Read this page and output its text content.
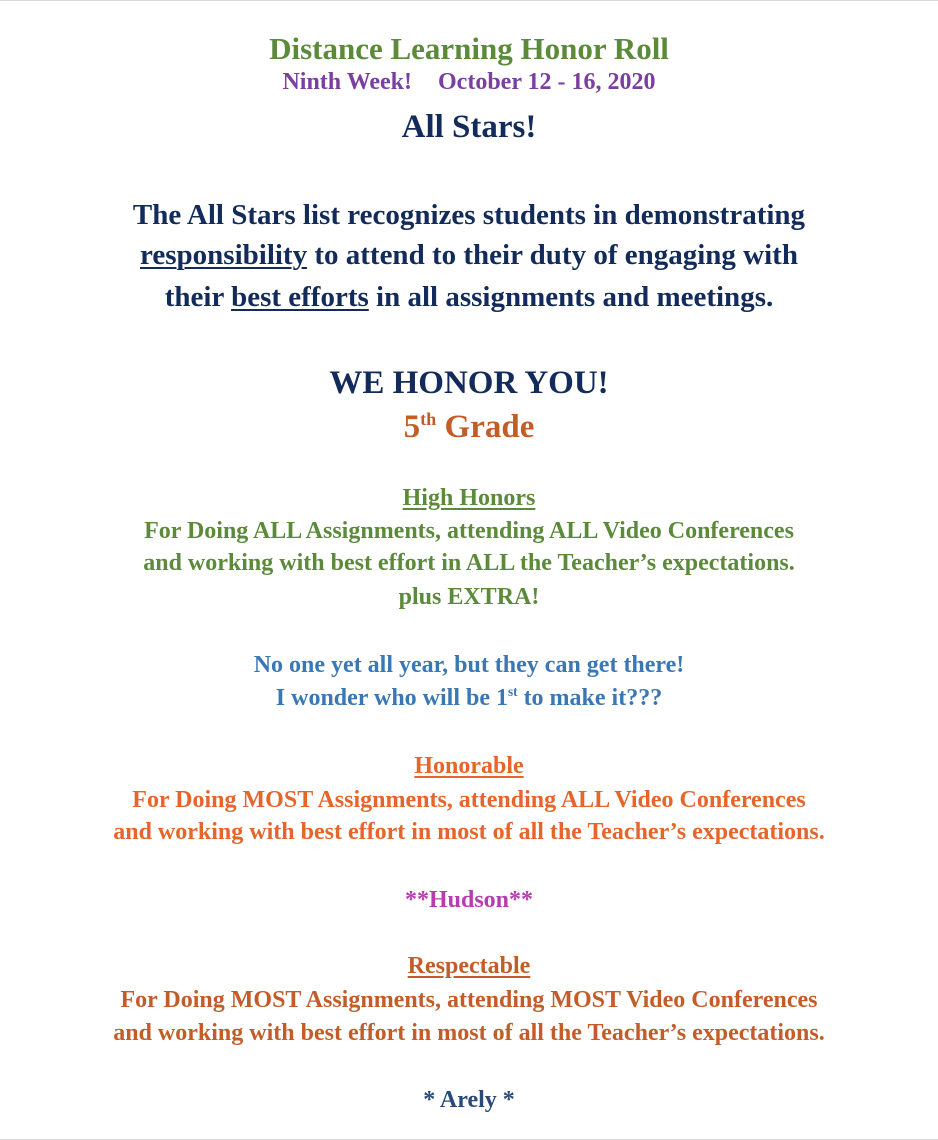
Distance Learning Honor Roll

Ninth Week! October 12 - 16, 2020

All Stars!

The All Stars list recognizes students in demonstrating

responsibility to attend to their duty of engaging with

their best efforts in all assignments and meetings.

WE HONOR YOU!

5th Grade

High Honors

For Doing ALL Assignments, attending ALL Video Conferences

and working with best effort in ALL the Teacher’s expectations.

plus EXTRA!

No one yet all year, but they can get there!

I wonder who will be 1st to make it???

Honorable

For Doing MOST Assignments, attending ALL Video Conferences

and working with best effort in most of all the Teacher’s expectations.

**Hudson**

Respectable

For Doing MOST Assignments, attending MOST Video Conferences

and working with best effort in most of all the Teacher’s expectations.

* Arely *
